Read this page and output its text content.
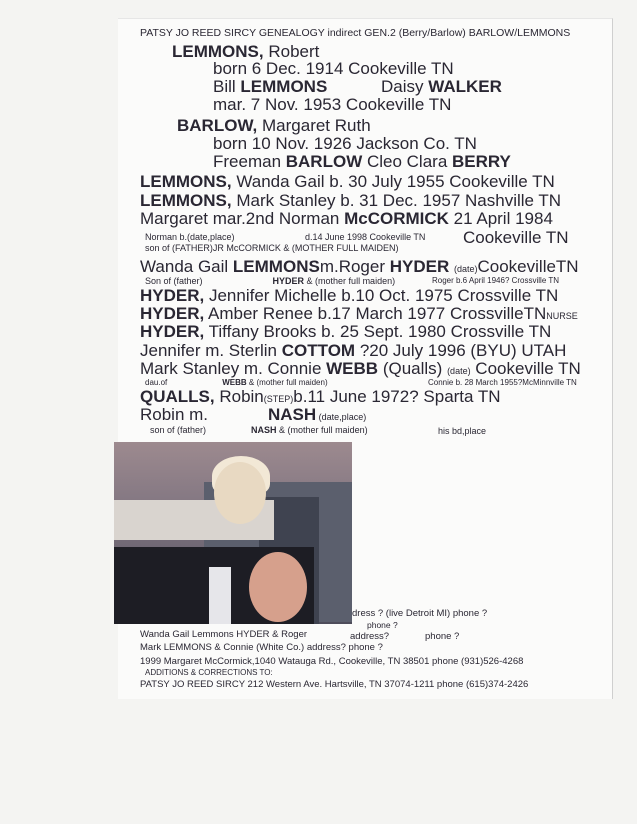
PATSY JO REED SIRCY GENEALOGY indirect GEN.2 (Berry/Barlow) BARLOW/LEMMONS
LEMMONS, Robert
born 6 Dec. 1914 Cookeville TN
Bill LEMMONS	Daisy WALKER
mar. 7 Nov. 1953 Cookeville TN
BARLOW, Margaret Ruth
born 10 Nov. 1926 Jackson Co. TN
Freeman BARLOW Cleo Clara BERRY
LEMMONS, Wanda Gail b. 30 July 1955 Cookeville TN
LEMMONS, Mark Stanley b. 31 Dec. 1957 Nashville TN
Margaret mar.2nd Norman McCORMICK 21 April 1984
Norman b.(date,place)	d.14 June 1998 Cookeville TN Cookeville TN
son of (FATHER)JR McCORMICK & (MOTHER FULL MAIDEN)
Wanda Gail LEMMONSm.Roger HYDER (date)CookevilleTN
Son of (father)	HYDER & (mother full maiden)	Roger b.6 April 1946? Crossville TN
HYDER, Jennifer Michelle b.10 Oct. 1975 Crossville TN
HYDER, Amber Renee b.17 March 1977 CrossvilleTNNURSE
HYDER, Tiffany Brooks b. 25 Sept. 1980 Crossville TN
Jennifer m. Sterlin COTTOM ?20 July 1996 (BYU) UTAH
Mark Stanley m. Connie WEBB (Qualls) (date) Cookeville TN
dau.of	WEBB & (mother full maiden)	Connie b. 28 March 1955?McMinnville TN
QUALLS, Robin(STEP)b.11 June 1972? Sparta TN
Robin m.	NASH (date,place)
son of (father)	NASH & (mother full maiden)	his bd,place
dress ? (live Detroit MI) phone ?
phone ?
Wanda Gail Lemmons HYDER & Roger	address?	phone ?
Mark LEMMONS & Connie (White Co.) address? phone ?
1999 Margaret McCormick,1040 Watauga Rd., Cookeville, TN 38501 phone (931)526-4268
ADDITIONS & CORRECTIONS TO:
PATSY JO REED SIRCY 212 Western Ave. Hartsville, TN 37074-1211 phone (615)374-2426
